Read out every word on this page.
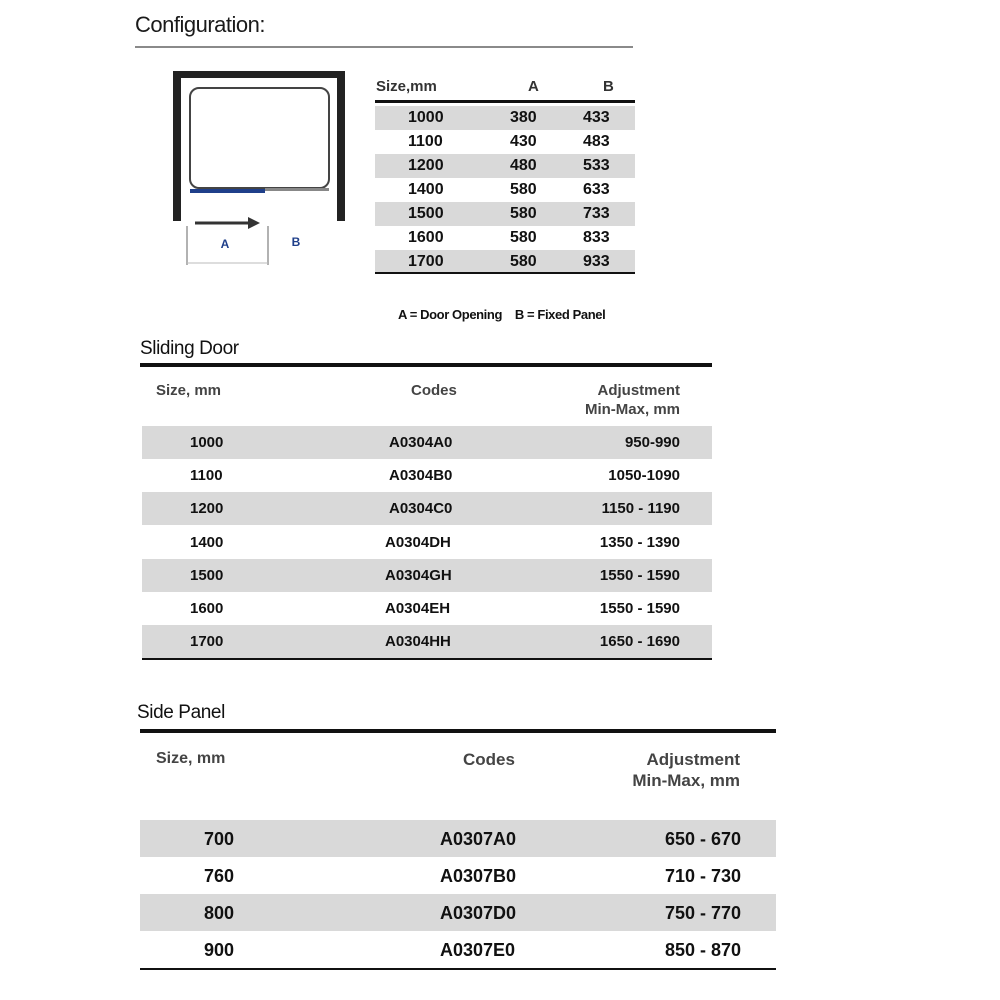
Configuration:
A	B
Size,mm	A	B
1000	380	433
1100	430	483
1200	480	533
1400	580	633
1500	580	733
1600	580	833
1700	580	933
A = Door Opening    B = Fixed Panel
Sliding Door
Size, mm	Codes	Adjustment
Min-Max, mm
1000	A0304A0	950-990
1100	A0304B0	1050-1090
1200	A0304C0	1150 - 1190
1400	A0304DH	1350 - 1390
1500	A0304GH	1550 - 1590
1600	A0304EH	1550 - 1590
1700	A0304HH	1650 - 1690
Side Panel
Size, mm	Codes	Adjustment
Min-Max, mm
700	A0307A0	650 - 670
760	A0307B0	710 - 730
800	A0307D0	750 - 770
900	A0307E0	850 - 870
